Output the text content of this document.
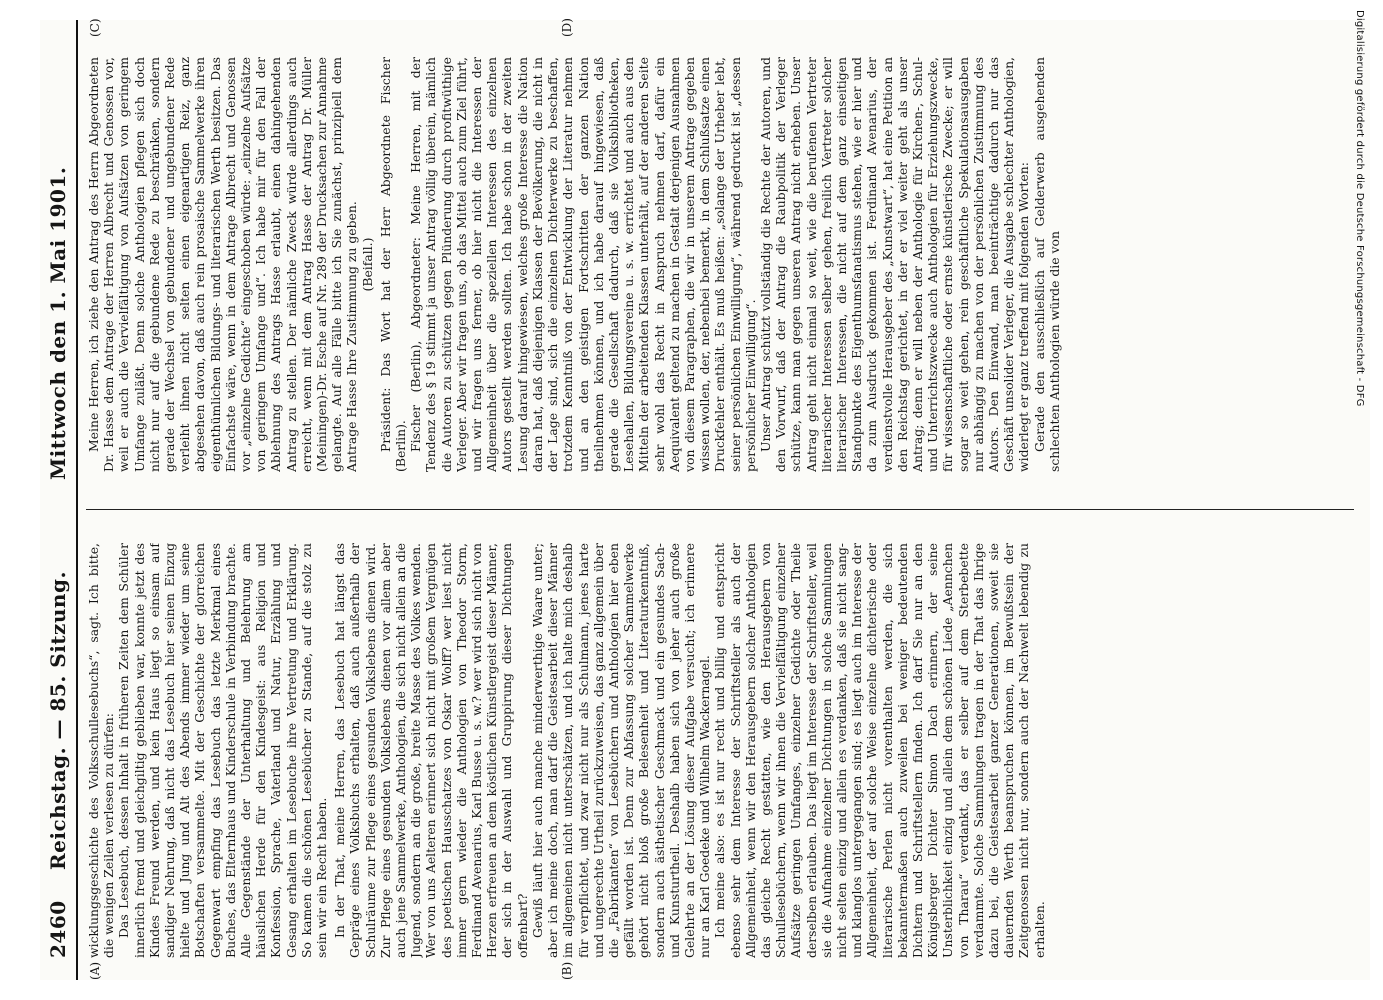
2460
Reichstag. — 85. Sitzung.
Mittwoch den 1. Mai 1901.
(A)	(B)
(C)	(D)

wicklungsgeschichte des Volksschullesebuchs“, sagt. Ich bitte, die wenigen Zeilen verlesen zu dürfen: Das Lesebuch, dessen Inhalt in früheren Zeiten dem Schüler innerlich fremd und gleichgiltig geblieben war, konnte jetzt des Kindes Freund werden, und kein Haus liegt so einsam auf sandiger Nehrung, daß nicht das Lesebuch hier seinen Einzug hielte und Jung und Alt des Abends immer wieder um seine Botschaften versammelte. Mit der Geschichte der glorreichen Gegenwart empfing das Lesebuch das letzte Merkmal eines Buches, das Elternhaus und Kinderschule in Verbindung brachte. Alle Gegenstände der Unterhaltung und Belehrung am häuslichen Herde für den Kindesgeist: aus Religion und Konfession, Sprache, Vaterland und Natur, Erzählung und Gesang erhalten im Lesebuche ihre Vertretung und Erklärung. So kamen die schönen Lesebücher zu Stande, auf die stolz zu sein wir ein Recht haben. In der That, meine Herren, das Lesebuch hat längst das Gepräge eines Volksbuchs erhalten, daß auch außerhalb der Schulräume zur Pflege eines gesunden Volkslebens dienen wird. Zur Pflege eines gesunden Volkslebens dienen vor allem aber auch jene Sammelwerke, Anthologien, die sich nicht allein an die Jugend, sondern an die große, breite Masse des Volkes wenden. Wer von uns Aelteren erinnert sich nicht mit großem Vergnügen des poetischen Hausschatzes von Oskar Wolff? wer liest nicht immer gern wieder die Anthologien von Theodor Storm, Ferdinand Avenarius, Karl Busse u. s. w.? wer wird sich nicht von Herzen erfreuen an dem köstlichen Künstlergeist dieser Männer, der sich in der Auswahl und Gruppirung dieser Dichtungen offenbart? Gewiß läuft hier auch manche minderwerthige Waare unter; aber ich meine doch, man darf die Geistesarbeit dieser Männer im allgemeinen nicht unterschätzen, und ich halte mich deshalb für verpflichtet, und zwar nicht nur als Schulmann, jenes harte und ungerechte Urtheil zurückzuweisen, das ganz allgemein über die „Fabrikanten“ von Lesebüchern und Anthologien hier eben gefällt worden ist. Denn zur Abfassung solcher Sammelwerke gehört nicht bloß große Belesenheit und Literaturkenntniß, sondern auch ästhetischer Geschmack und ein gesundes Sach- und Kunsturtheil. Deshalb haben sich von jeher auch große Gelehrte an der Lösung dieser Aufgabe versucht; ich erinnere nur an Karl Goedeke und Wilhelm Wackernagel. Ich meine also: es ist nur recht und billig und entspricht ebenso sehr dem Interesse der Schriftsteller als auch der Allgemeinheit, wenn wir den Herausgebern solcher Anthologien das gleiche Recht gestatten, wie den Herausgebern von Schullesebüchern, wenn wir ihnen die Vervielfältigung einzelner Aufsätze geringen Umfanges, einzelner Gedichte oder Theile derselben erlauben. Das liegt im Interesse der Schriftsteller, weil sie die Aufnahme einzelner Dichtungen in solche Sammlungen nicht selten einzig und allein es verdanken, daß sie nicht sang- und klanglos untergegangen sind; es liegt auch im Interesse der Allgemeinheit, der auf solche Weise einzelne dichterische oder literarische Perlen nicht vorenthalten werden, die sich bekanntermaßen auch zuweilen bei weniger bedeutenden Dichtern und Schriftstellern finden. Ich darf Sie nur an den Königsberger Dichter Simon Dach erinnern, der seine Unsterblichkeit einzig und allein dem schönen Liede „Aennchen von Tharau“ verdankt, das er selber auf dem Sterbebette verdammte. Solche Sammlungen tragen in der That das Ihrige dazu bei, die Geistesarbeit ganzer Generationen, soweit sie dauernden Werth beanspruchen können, im Bewußtsein der Zeitgenossen nicht nur, sondern auch der Nachwelt lebendig zu erhalten.

Meine Herren, ich ziehe den Antrag des Herrn Abgeordneten Dr. Hasse dem Antrage der Herren Albrecht und Genossen vor, weil er auch die Vervielfältigung von Aufsätzen von geringem Umfange zuläßt. Denn solche Anthologien pflegen sich doch nicht nur auf die gebundene Rede zu beschränken, sondern gerade der Wechsel von gebundener und ungebundener Rede verleiht ihnen nicht selten einen eigenartigen Reiz, ganz abgesehen davon, daß auch rein prosaische Sammelwerke ihren eigenthümlichen Bildungs- und literarischen Werth besitzen. Das Einfachste wäre, wenn in dem Antrage Albrecht und Genossen vor „einzelne Gedichte“ eingeschoben würde: „einzelne Aufsätze von geringem Umfange und“. Ich habe mir für den Fall der Ablehnung des Antrags Hasse erlaubt, einen dahingehenden Antrag zu stellen. Der nämliche Zweck würde allerdings auch erreicht, wenn mit dem Antrag Hasse der Antrag Dr. Müller (Meiningen)-Dr. Esche auf Nr. 289 der Drucksachen zur Annahme gelangte. Auf alle Fälle bitte ich Sie zunächst, prinzipiell dem Antrage Hasse Ihre Zustimmung zu geben. (Beifall.) Präsident: Das Wort hat der Herr Abgeordnete Fischer (Berlin). Fischer (Berlin), Abgeordneter: Meine Herren, mit der Tendenz des § 19 stimmt ja unser Antrag völlig überein, nämlich die Autoren zu schützen gegen Plünderung durch profitwüthige Verleger. Aber wir fragen uns, ob das Mittel auch zum Ziel führt, und wir fragen uns ferner, ob hier nicht die Interessen der Allgemeinheit über die speziellen Interessen des einzelnen Autors gestellt werden sollten. Ich habe schon in der zweiten Lesung darauf hingewiesen, welches große Interesse die Nation daran hat, daß diejenigen Klassen der Bevölkerung, die nicht in der Lage sind, sich die einzelnen Dichterwerke zu beschaffen, trotzdem Kenntniß von der Entwicklung der Literatur nehmen und an den geistigen Fortschritten der ganzen Nation theilnehmen können, und ich habe darauf hingewiesen, daß gerade die Gesellschaft dadurch, daß sie Volksbibliotheken, Lesehallen, Bildungsvereine u. s. w. errichtet und auch aus den Mitteln der arbeitenden Klassen unterhält, auf der anderen Seite sehr wohl das Recht in Anspruch nehmen darf, dafür ein Aequivalent geltend zu machen in Gestalt derjenigen Ausnahmen von diesem Paragraphen, die wir in unserem Antrage gegeben wissen wollen, der, nebenbei bemerkt, in dem Schlußsatze einen Druckfehler enthält. Es muß heißen: „solange der Urheber lebt, seiner persönlichen Einwilligung“, während gedruckt ist „dessen persönlicher Einwilligung“. Unser Antrag schützt vollständig die Rechte der Autoren, und den Vorwurf, daß der Antrag die Raubpolitik der Verleger schütze, kann man gegen unseren Antrag nicht erheben. Unser Antrag geht nicht einmal so weit, wie die berufenen Vertreter literarischer Interessen selber gehen, freilich Vertreter solcher literarischer Interessen, die nicht auf dem ganz einseitigen Standpunkte des Eigenthumsfanatismus stehen, wie er hier und da zum Ausdruck gekommen ist. Ferdinand Avenarius, der verdienstvolle Herausgeber des „Kunstwart“, hat eine Petition an den Reichstag gerichtet, in der er viel weiter geht als unser Antrag; denn er will neben der Anthologie für Kirchen-, Schul- und Unterrichtszwecke auch Anthologien für Erziehungszwecke, für wissenschaftliche oder ernste künstlerische Zwecke; er will sogar so weit gehen, rein geschäftliche Spekulationsausgaben nur abhängig zu machen von der persönlichen Zustimmung des Autors. Den Einwand, man beeinträchtige dadurch nur das Geschäft unsolider Verleger, die Ausgabe schlechter Anthologien, widerlegt er ganz treffend mit folgenden Worten: Gerade den ausschließlich auf Gelderwerb ausgehenden schlechten Anthologien würde die von	Digitalisierung gefördert durch die Deutsche Forschungsgemeinschaft - DFG
